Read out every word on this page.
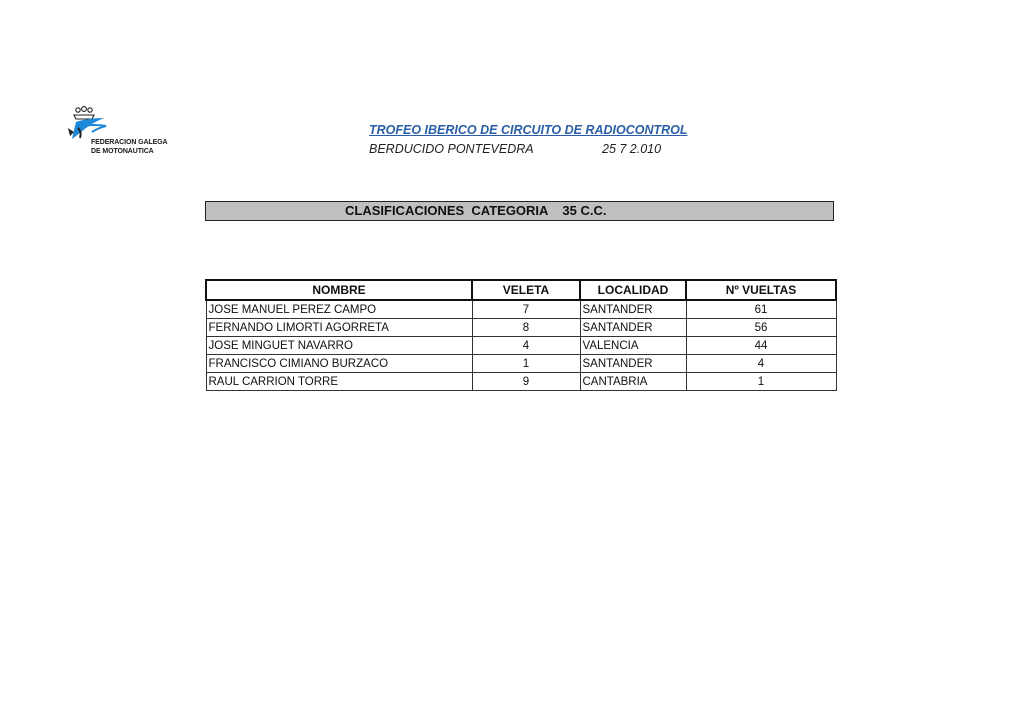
FEDERACION GALEGA
DE MOTONAUTICA
TROFEO IBERICO DE CIRCUITO DE RADIOCONTROL
BERDUCIDO PONTEVEDRA	25 7 2.010
CLASIFICACIONES  CATEGORIA    35 C.C.
NOMBRE	VELETA	LOCALIDAD	Nº VUELTAS
JOSE MANUEL PEREZ CAMPO	7	SANTANDER	61
FERNANDO LIMORTI AGORRETA	8	SANTANDER	56
JOSE MINGUET NAVARRO	4	VALENCIA	44
FRANCISCO CIMIANO BURZACO	1	SANTANDER	4
RAUL CARRION TORRE	9	CANTABRIA	1
